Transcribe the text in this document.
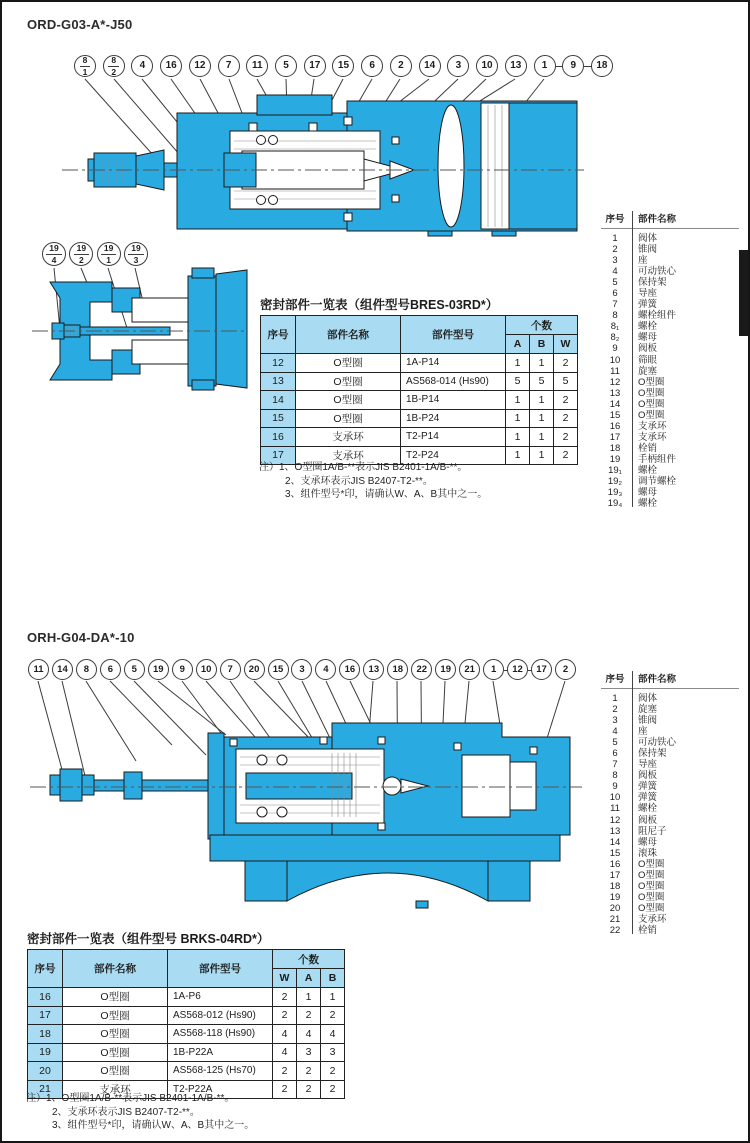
ORD-G03-A*-J50
$\frac{8}{1} \frac{8}{2} 4$ 16 12 7 11 5 17 15 6 2 14 3 10 13 1 9 18
$\frac{19}{4} \frac{19}{2} \frac{19}{1} \frac{19}{3}$
序号	部件名称
1	阀体
2	锥阀
3	座
4	可动铁心
5	保持架
6	导座
7	弹簧
8	螺栓组件
8₁	螺栓
8₂	螺母
9	阀板
10	筛眼
11	旋塞
12	O型圈
13	O型圈
14	O型圈
15	O型圈
16	支承环
17	支承环
18	栓销
19	手柄组件
19₁	螺栓
19₂	调节螺栓
19₃	螺母
19₄	螺栓
密封部件一览表（组件型号BRES-03RD*）
序号	部件名称	部件型号	个数		
			A	B	W
12	O型圈	1A-P14	1	1	2
13	O型圈	AS568-014 (Hs90)	5	5	5
14	O型圈	1B-P14	1	1	2
15	O型圈	1B-P24	1	1	2
16	支承环	T2-P14	1	1	2
17	支承环	T2-P24	1	1	2
注）1、O型圈1A/B-**表示JIS B2401-1A/B-**。
2、支承环表示JIS B2407-T2-**。
3、组件型号*印，请确认W、A、B其中之一。
ORH-G04-DA*-10
11 14 8 6 5 19 9 10 7 20 15 3 4 16 13 18 22 19 21 1 12 17 2
序号	部件名称
1	阀体
2	旋塞
3	锥阀
4	座
5	可动铁心
6	保持架
7	导座
8	阀板
9	弹簧
10	弹簧
11	螺栓
12	阀板
13	阻尼子
14	螺母
15	滚珠
16	O型圈
17	O型圈
18	O型圈
19	O型圈
20	O型圈
21	支承环
22	栓销
密封部件一览表（组件型号 BRKS-04RD*）
序号	部件名称	部件型号	个数		
			W	A	B
16	O型圈	1A-P6	2	1	1
17	O型圈	AS568-012 (Hs90)	2	2	2
18	O型圈	AS568-118 (Hs90)	4	4	4
19	O型圈	1B-P22A	4	3	3
20	O型圈	AS568-125 (Hs70)	2	2	2
21	支承环	T2-P22A	2	2	2
注）1、O型圈1A/B-**表示JIS B2401-1A/B-**。
2、支承环表示JIS B2407-T2-**。
3、组件型号*印，请确认W、A、B其中之一。
